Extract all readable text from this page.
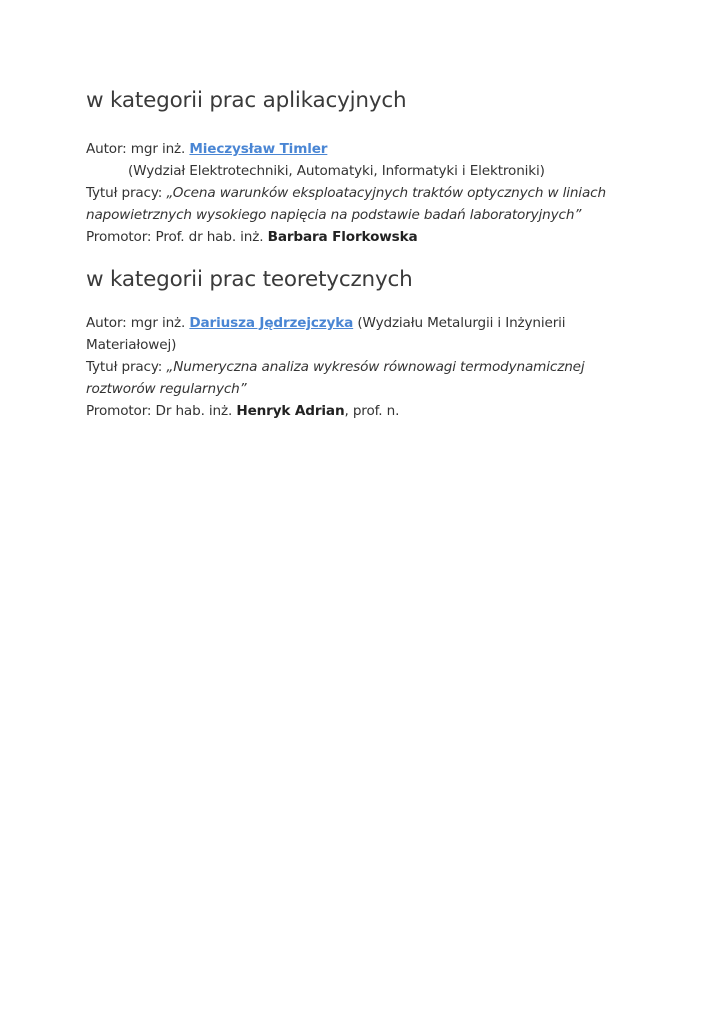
w kategorii prac aplikacyjnych

Autor: mgr inż. Mieczysław Timler

(Wydział Elektrotechniki, Automatyki, Informatyki i Elektroniki)

Tytuł pracy: „Ocena warunków eksploatacyjnych traktów optycznych w liniach napowietrznych wysokiego napięcia na podstawie badań laboratoryjnych”

Promotor: Prof. dr hab. inż. Barbara Florkowska

w kategorii prac teoretycznych

Autor: mgr inż. Dariusza Jędrzejczyka (Wydziału Metalurgii i Inżynierii Materiałowej)

Tytuł pracy: „Numeryczna analiza wykresów równowagi termodynamicznej roztworów regularnych”

Promotor: Dr hab. inż. Henryk Adrian, prof. n.
